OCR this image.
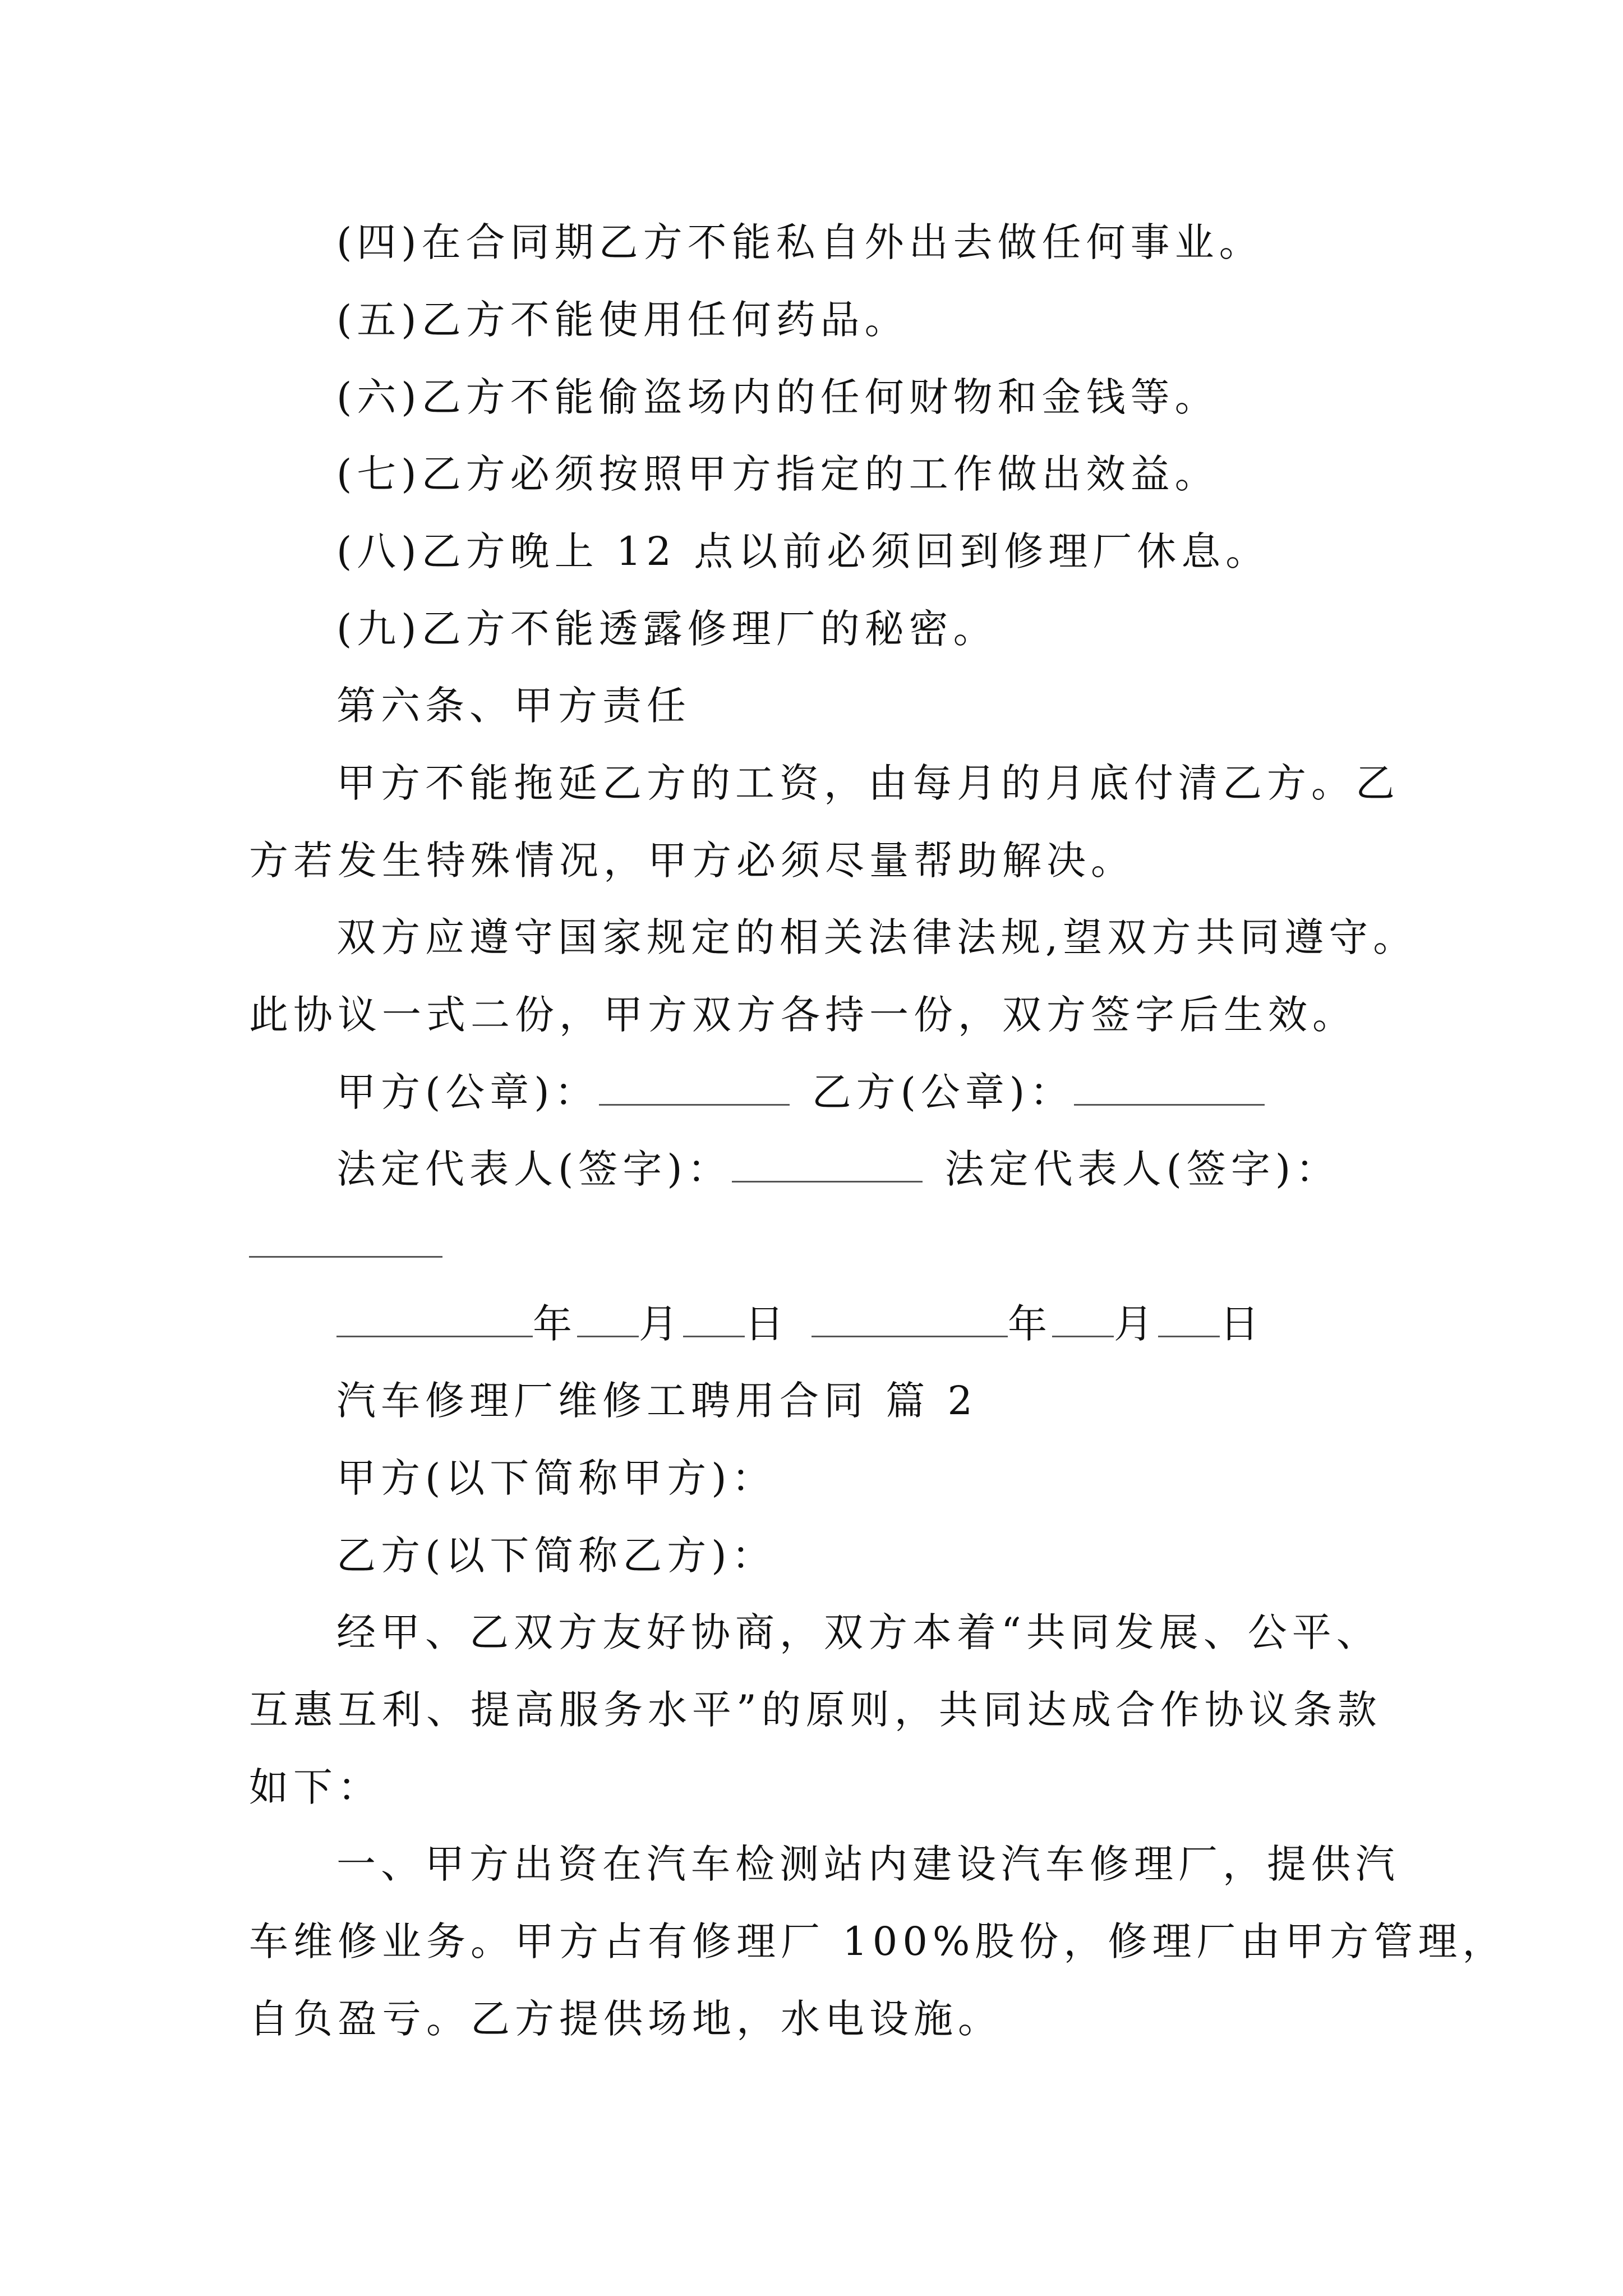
(四)在合同期乙方不能私自外出去做任何事业。
(五)乙方不能使用任何药品。
(六)乙方不能偷盗场内的任何财物和金钱等。
(七)乙方必须按照甲方指定的工作做出效益。
(八)乙方晚上 12 点以前必须回到修理厂休息。
(九)乙方不能透露修理厂的秘密。
第六条、甲方责任
甲方不能拖延乙方的工资，由每月的月底付清乙方。乙
方若发生特殊情况，甲方必须尽量帮助解决。
双方应遵守国家规定的相关法律法规,望双方共同遵守。
此协议一式二份，甲方双方各持一份，双方签字后生效。
甲方(公章)：	乙方(公章)：
法定代表人(签字)：	法定代表人(签字)：
年 月 日	年 月 日
汽车修理厂维修工聘用合同 篇 2
甲方(以下简称甲方)：
乙方(以下简称乙方)：
经甲、乙双方友好协商，双方本着“共同发展、公平、
互惠互利、提高服务水平”的原则，共同达成合作协议条款
如下：
一、甲方出资在汽车检测站内建设汽车修理厂，提供汽
车维修业务。甲方占有修理厂 100%股份，修理厂由甲方管理，
自负盈亏。乙方提供场地，水电设施。
